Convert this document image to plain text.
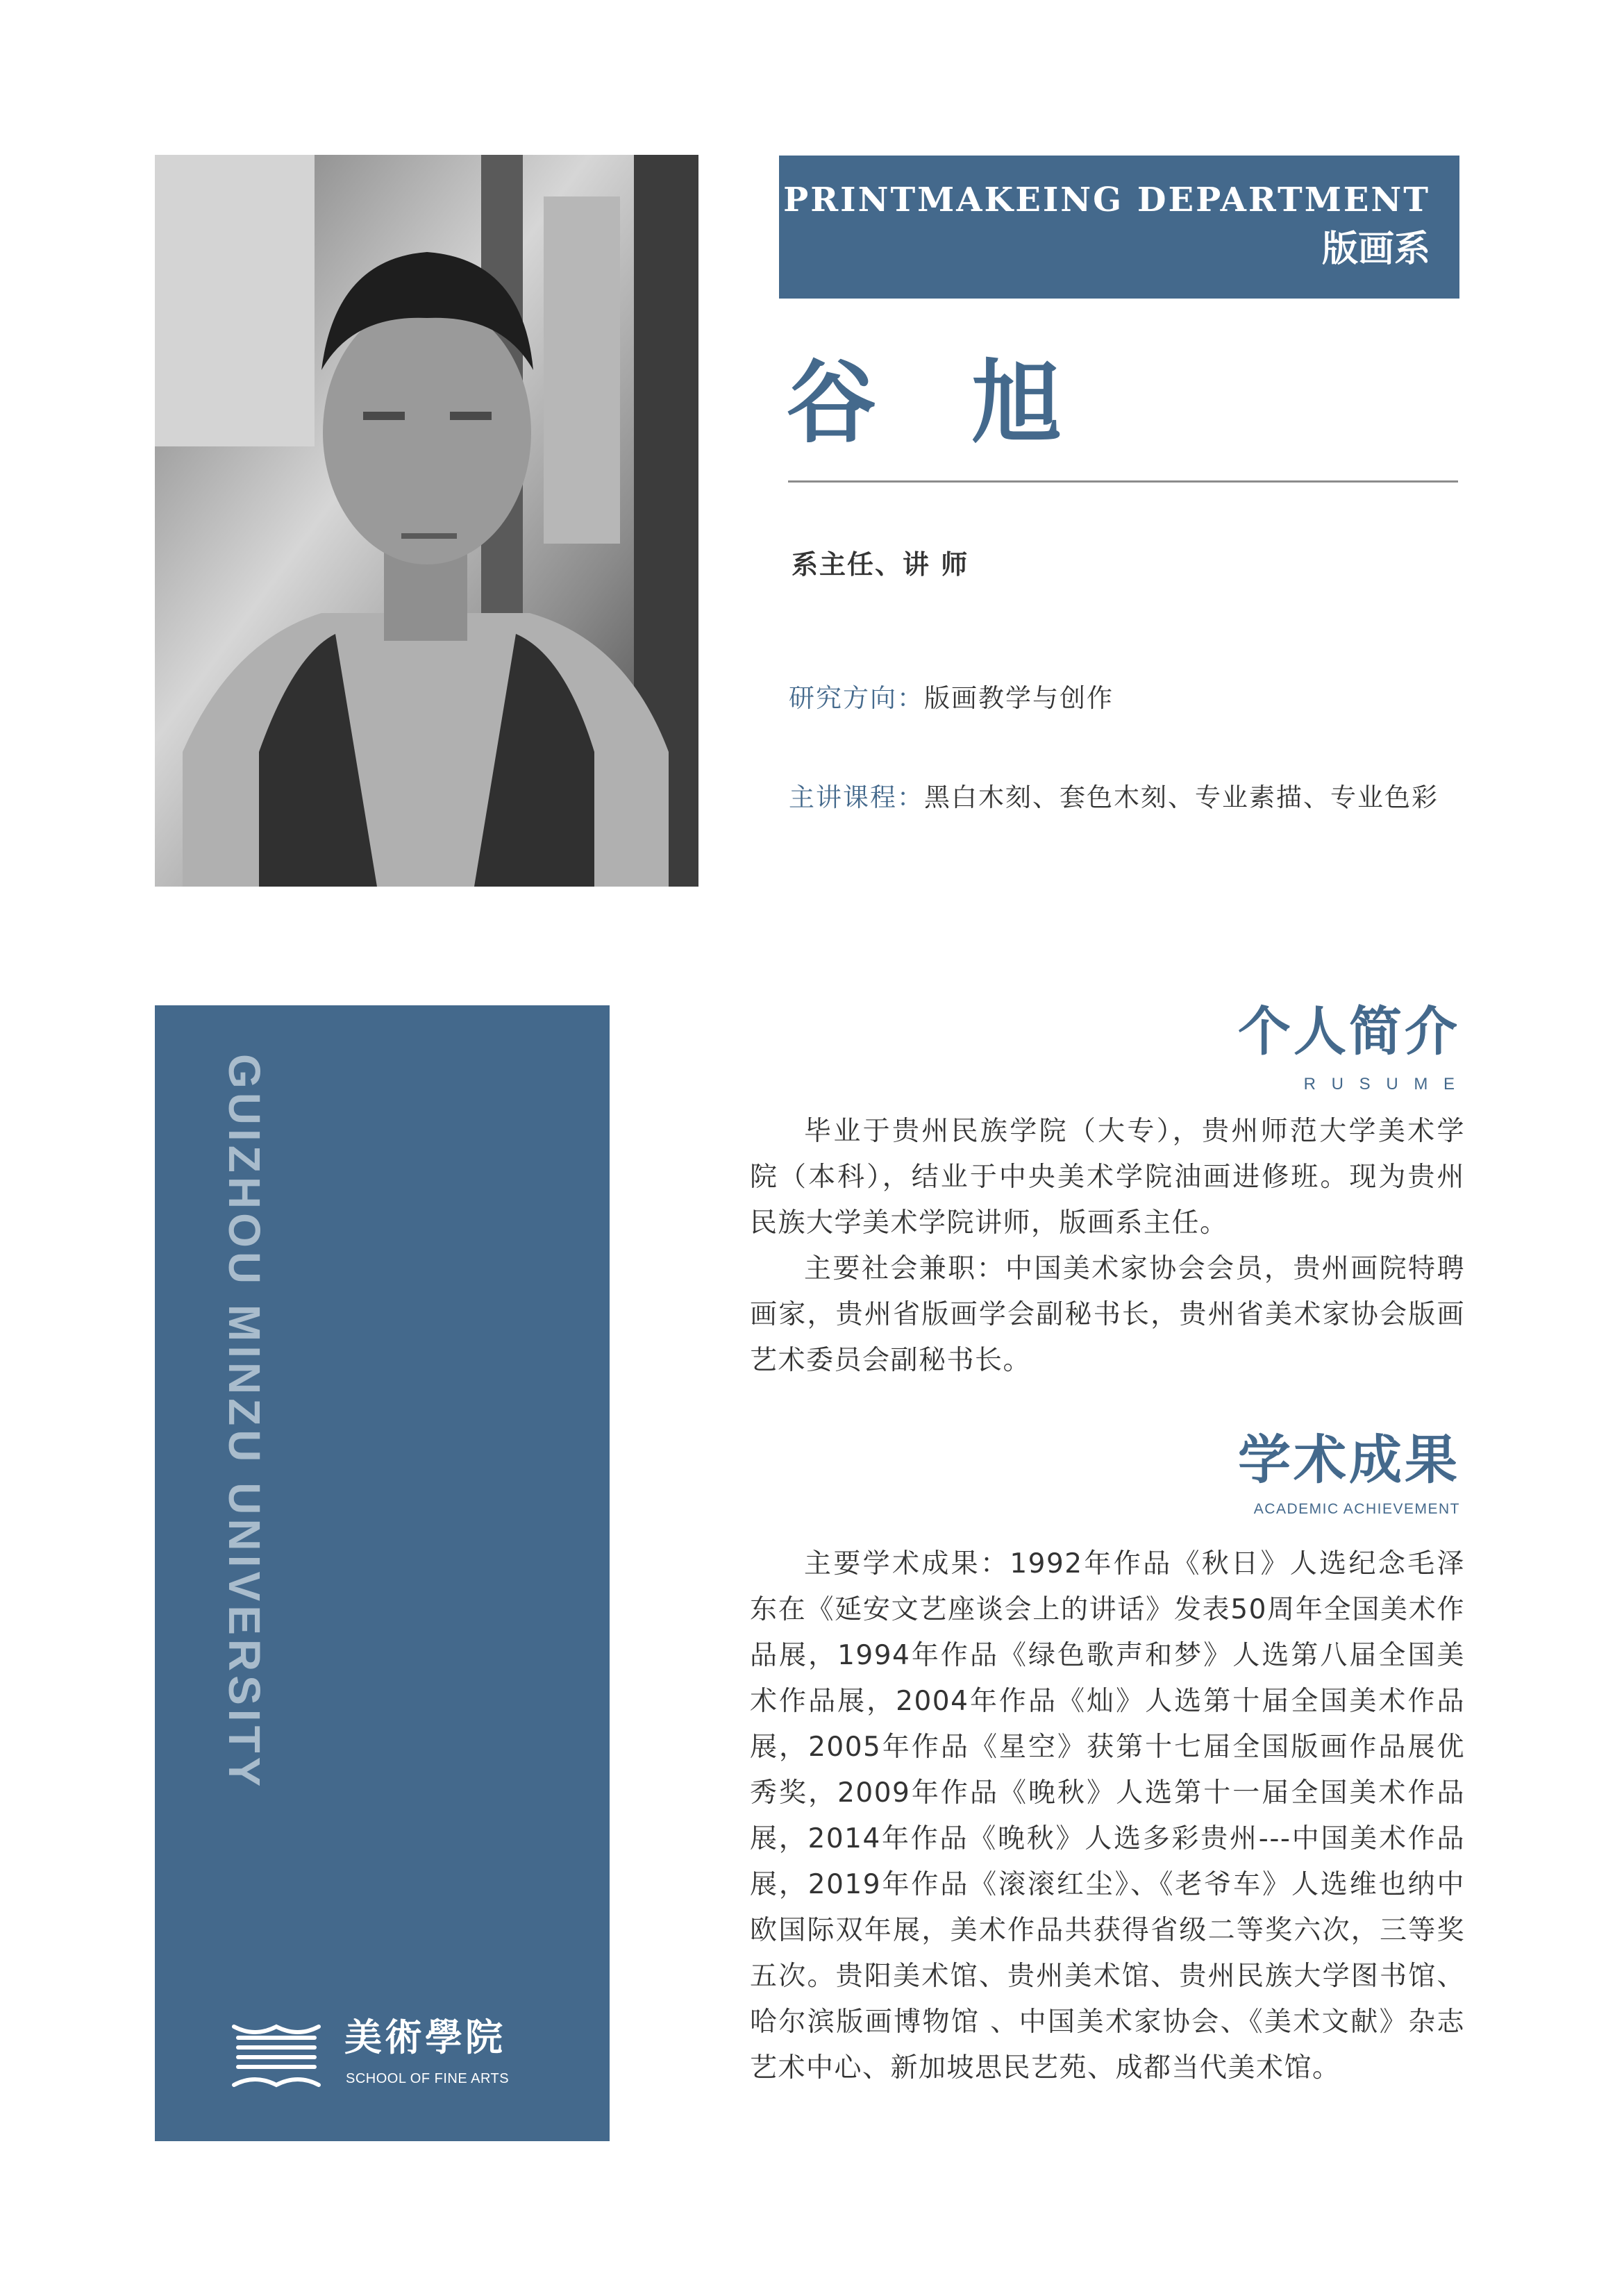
PRINTMAKEING DEPARTMENT
版画系
谷 旭
系主任、讲 师
研究方向：版画教学与创作
主讲课程：黑白木刻、套色木刻、专业素描、专业色彩
GUIZHOU MINZU UNIVERSITY
美術學院
SCHOOL OF FINE ARTS
个人简介
R U S U M E

毕业于贵州民族学院（大专），贵州师范大学美术学院（本科），结业于中央美术学院油画进修班。现为贵州民族大学美术学院讲师，版画系主任。

主要社会兼职：中国美术家协会会员，贵州画院特聘画家，贵州省版画学会副秘书长，贵州省美术家协会版画艺术委员会副秘书长。

学术成果
ACADEMIC ACHIEVEMENT

主要学术成果：1992年作品《秋日》人选纪念毛泽东在《延安文艺座谈会上的讲话》发表50周年全国美术作品展，1994年作品《绿色歌声和梦》人选第八届全国美术作品展，2004年作品《灿》人选第十届全国美术作品展，2005年作品《星空》获第十七届全国版画作品展优秀奖，2009年作品《晚秋》人选第十一届全国美术作品展，2014年作品《晚秋》人选多彩贵州---中国美术作品展，2019年作品《滚滚红尘》、《老爷车》人选维也纳中欧国际双年展，美术作品共获得省级二等奖六次，三等奖五次。贵阳美术馆、贵州美术馆、贵州民族大学图书馆、哈尔滨版画博物馆 、中国美术家协会、《美术文献》杂志艺术中心、新加坡思民艺苑、成都当代美术馆。
